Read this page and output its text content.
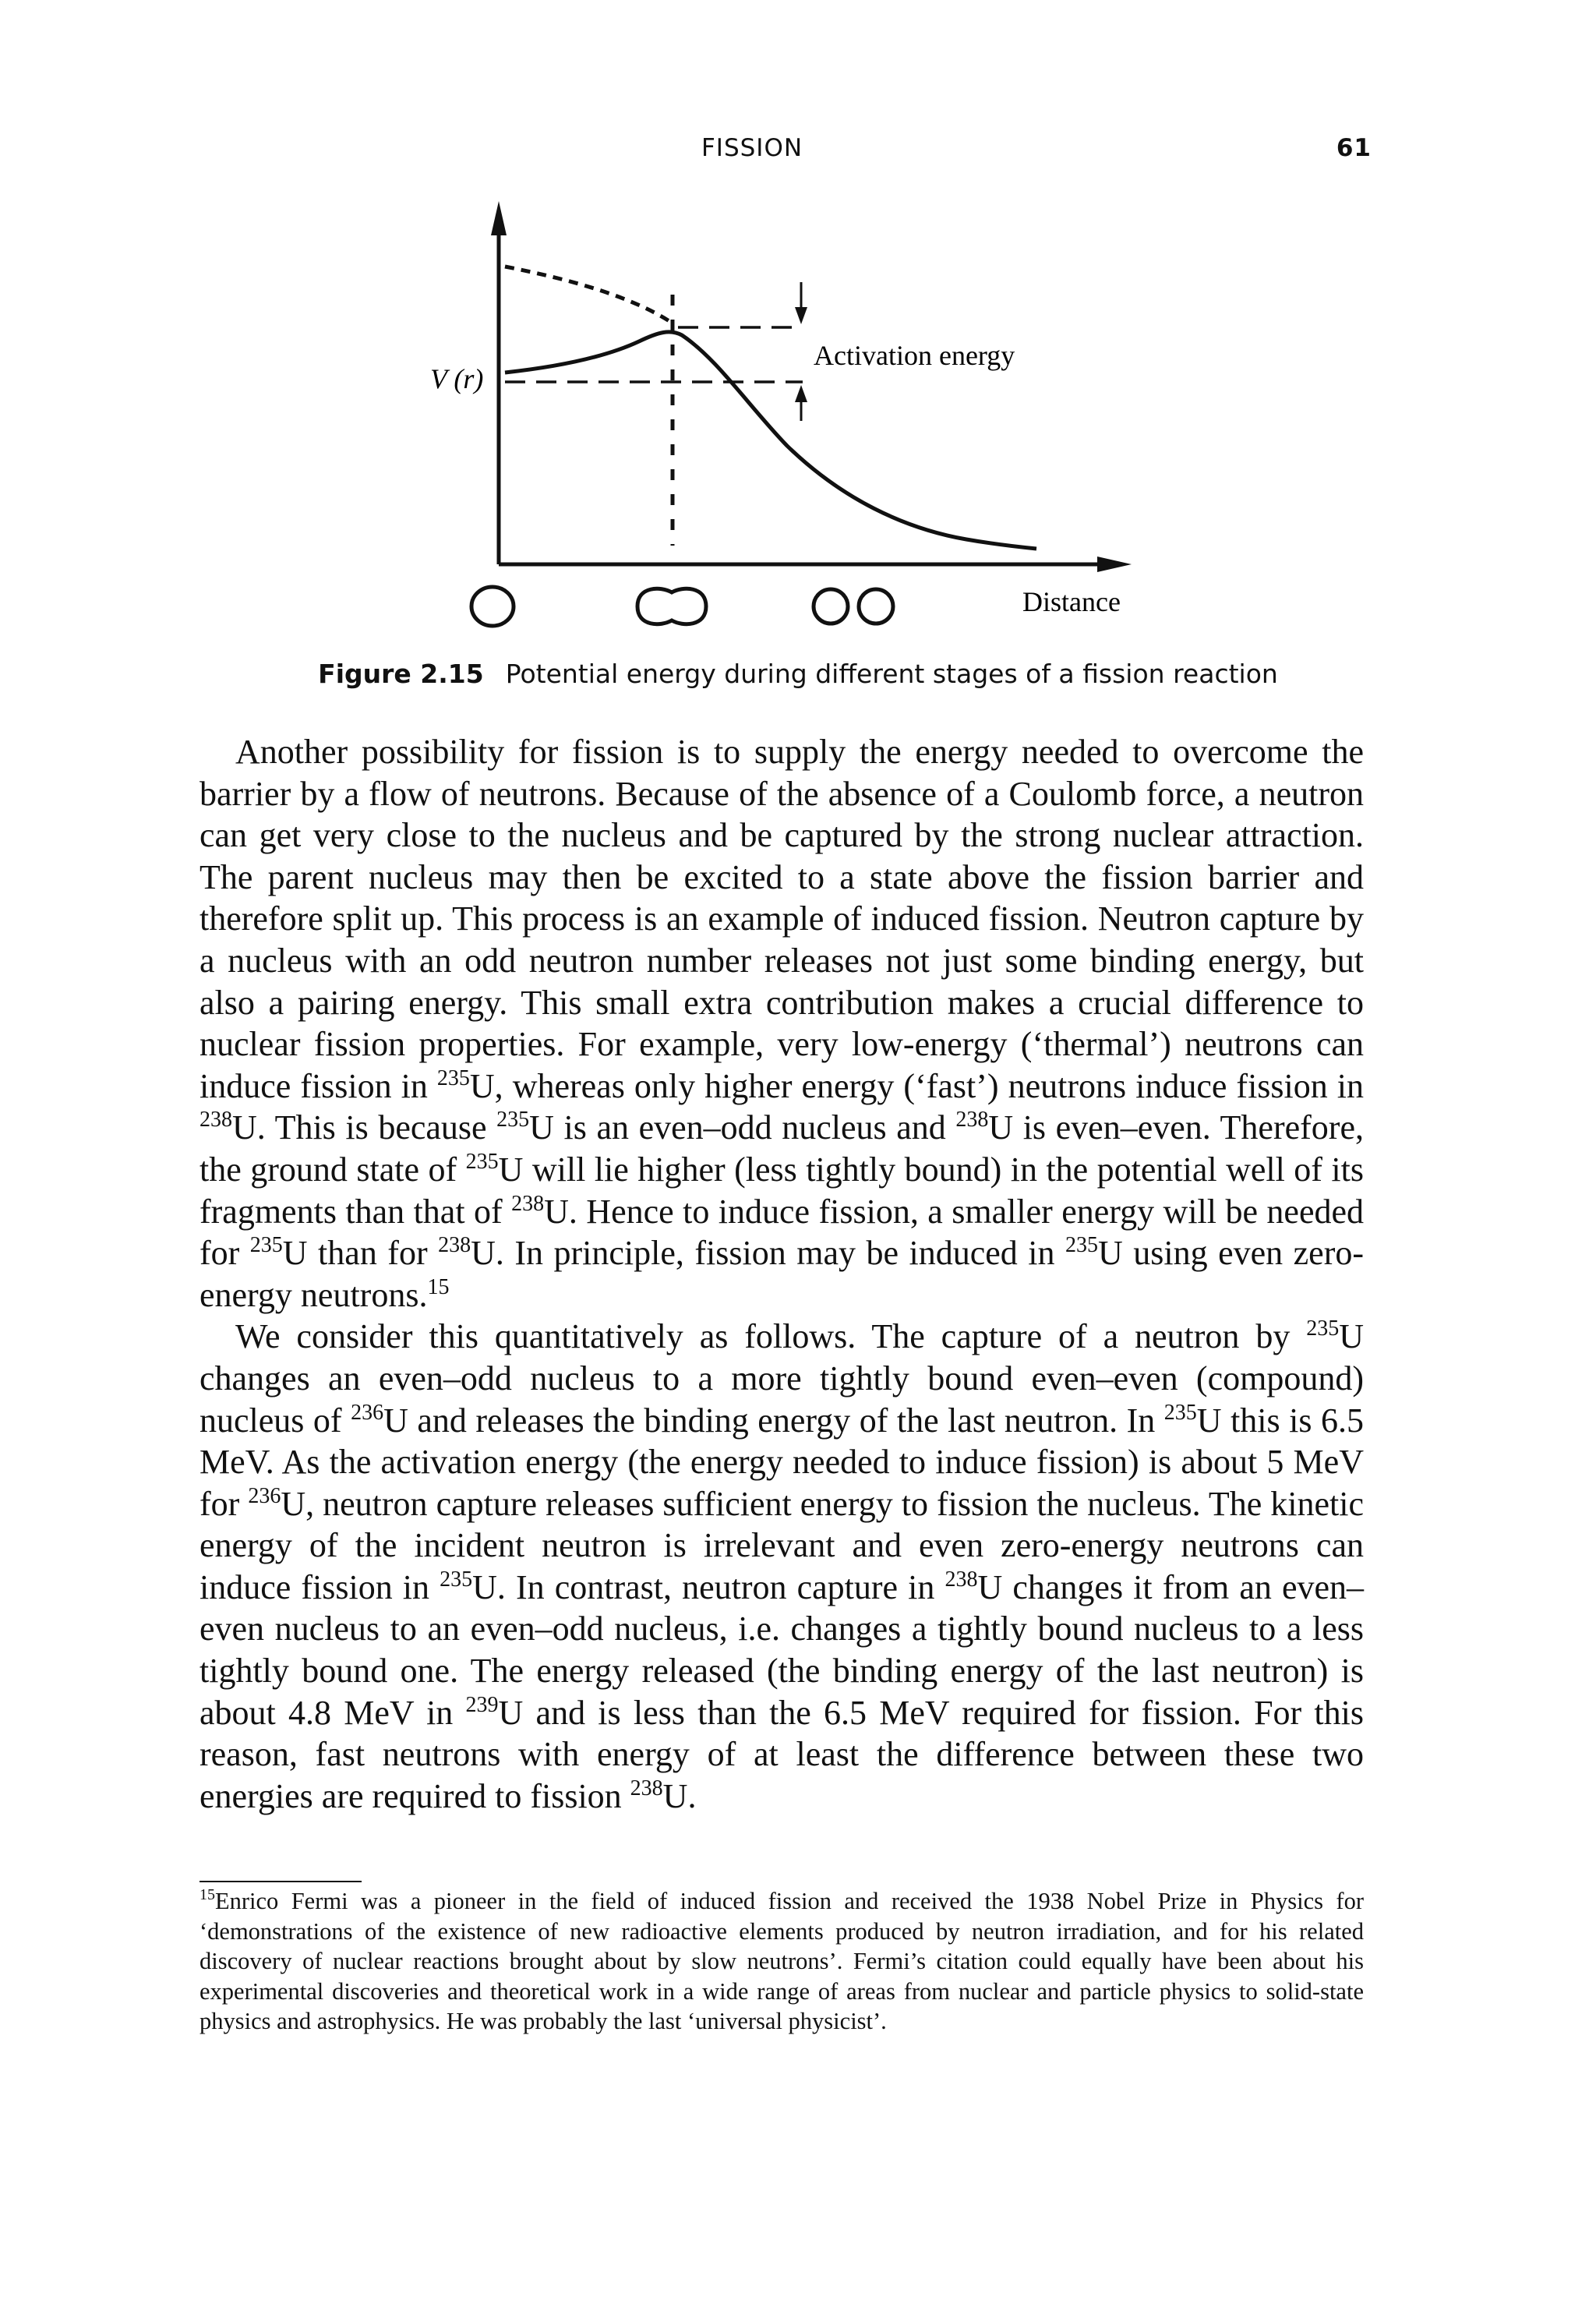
FISSION	61
V (r)
Activation energy
Distance
Figure 2.15 Potential energy during different stages of a fission reaction

Another possibility for fission is to supply the energy needed to overcome the barrier by a flow of neutrons. Because of the absence of a Coulomb force, a neutron can get very close to the nucleus and be captured by the strong nuclear attraction. The parent nucleus may then be excited to a state above the fission barrier and therefore split up. This process is an example of induced fission. Neutron capture by a nucleus with an odd neutron number releases not just some binding energy, but also a pairing energy. This small extra contribution makes a crucial difference to nuclear fission properties. For example, very low-energy (‘thermal’) neutrons can induce fission in $^{235}$U, whereas only higher energy (‘fast’) neutrons induce fission in $^{238}$U. This is because $^{235}$U is an even–odd nucleus and $^{238}$U is even–even. Therefore, the ground state of $^{235}$U will lie higher (less tightly bound) in the potential well of its fragments than that of $^{238}$U. Hence to induce fission, a smaller energy will be needed for $^{235}$U than for $^{238}$U. In principle, fission may be induced in $^{235}$U using even zero-energy neutrons.$^{15}$

We consider this quantitatively as follows. The capture of a neutron by $^{235}$U changes an even–odd nucleus to a more tightly bound even–even (compound) nucleus of $^{236}$U and releases the binding energy of the last neutron. In $^{235}$U this is 6.5 MeV. As the activation energy (the energy needed to induce fission) is about 5 MeV for $^{236}$U, neutron capture releases sufficient energy to fission the nucleus. The kinetic energy of the incident neutron is irrelevant and even zero-energy neutrons can induce fission in $^{235}$U. In contrast, neutron capture in $^{238}$U changes it from an even–even nucleus to an even–odd nucleus, i.e. changes a tightly bound nucleus to a less tightly bound one. The energy released (the binding energy of the last neutron) is about 4.8 MeV in $^{239}$U and is less than the 6.5 MeV required for fission. For this reason, fast neutrons with energy of at least the difference between these two energies are required to fission $^{238}$U.

$^{15}$Enrico Fermi was a pioneer in the field of induced fission and received the 1938 Nobel Prize in Physics for ‘demonstrations of the existence of new radioactive elements produced by neutron irradiation, and for his related discovery of nuclear reactions brought about by slow neutrons’. Fermi’s citation could equally have been about his experimental discoveries and theoretical work in a wide range of areas from nuclear and particle physics to solid-state physics and astrophysics. He was probably the last ‘universal physicist’.
